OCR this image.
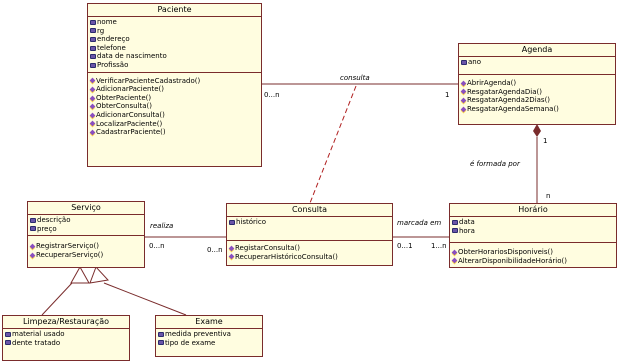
Paciente
nome
rg
endereço
telefone
data de nascimento
Profissão
VerificarPacienteCadastrado()
AdicionarPaciente()
ObterPaciente()
ObterConsulta()
AdicionarConsulta()
LocalizarPaciente()
CadastrarPaciente()
Agenda
ano
AbrirAgenda()
ResgatarAgendaDia()
ResgatarAgenda2Dias()
ResgatarAgendaSemana()
Serviço
descrição
preço
RegistrarServiço()
RecuperarServiço()
Consulta
histórico
RegistarConsulta()
RecuperarHistóricoConsulta()
Horário
data
hora
ObterHorariosDisponiveis()
AlterarDisponibilidadeHorário()
Limpeza/Restauração
material usado
dente tratado
Exame
medida preventiva
tipo de exame
consulta
0...n	1
é formada por
1
n
realiza
0...n	0...n
marcada em
0...1	1...n
